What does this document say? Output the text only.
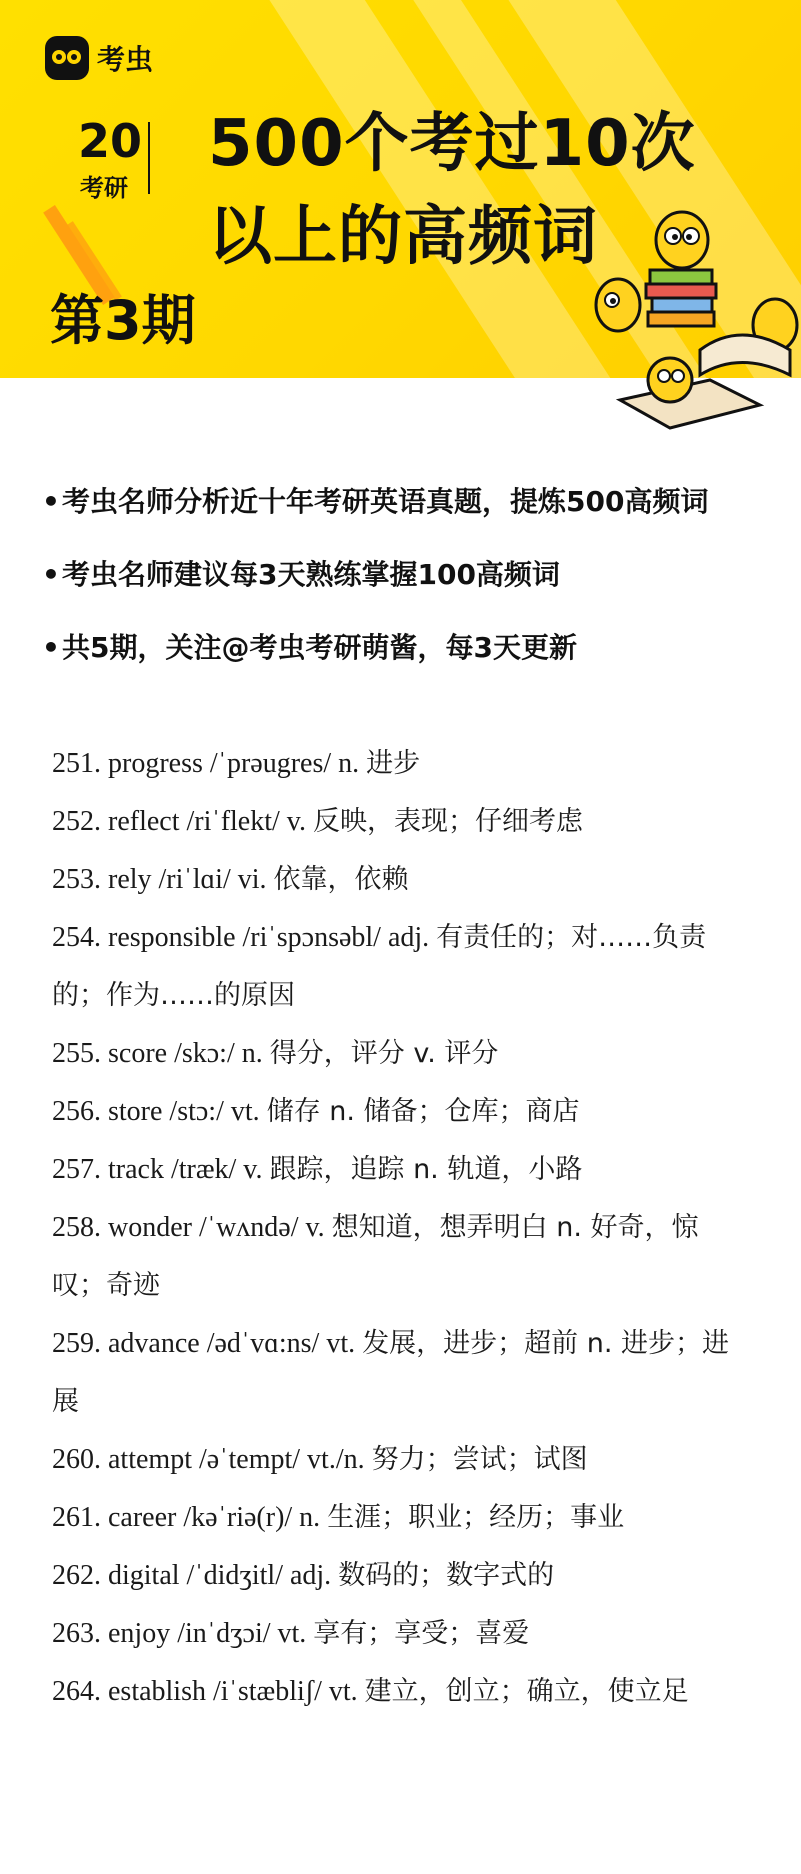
考虫
20
考研
500个考过10次
以上的高频词
第3期
• 考虫名师分析近十年考研英语真题，提炼500高频词
• 考虫名师建议每3天熟练掌握100高频词
• 共5期，关注@考虫考研萌酱，每3天更新
251. progress /ˈprəugres/ n. 进步
252. reflect /riˈflekt/ v. 反映，表现；仔细考虑
253. rely /riˈlɑi/ vi. 依靠，依赖
254. responsible /riˈspɔnsəbl/ adj. 有责任的；对……负责的；作为……的原因
255. score /skɔ:/ n. 得分，评分 v. 评分
256. store /stɔ:/ vt. 储存 n. 储备；仓库；商店
257. track /træk/ v. 跟踪，追踪 n. 轨道，小路
258. wonder /ˈwʌndə/ v. 想知道，想弄明白 n. 好奇，惊叹；奇迹
259. advance /ədˈvɑ:ns/ vt. 发展，进步；超前 n. 进步；进展
260. attempt /əˈtempt/ vt./n. 努力；尝试；试图
261. career /kəˈriə(r)/ n. 生涯；职业；经历；事业
262. digital /ˈdidʒitl/ adj. 数码的；数字式的
263. enjoy /inˈdʒɔi/ vt. 享有；享受；喜爱
264. establish /iˈstæbliʃ/ vt. 建立，创立；确立，使立足
